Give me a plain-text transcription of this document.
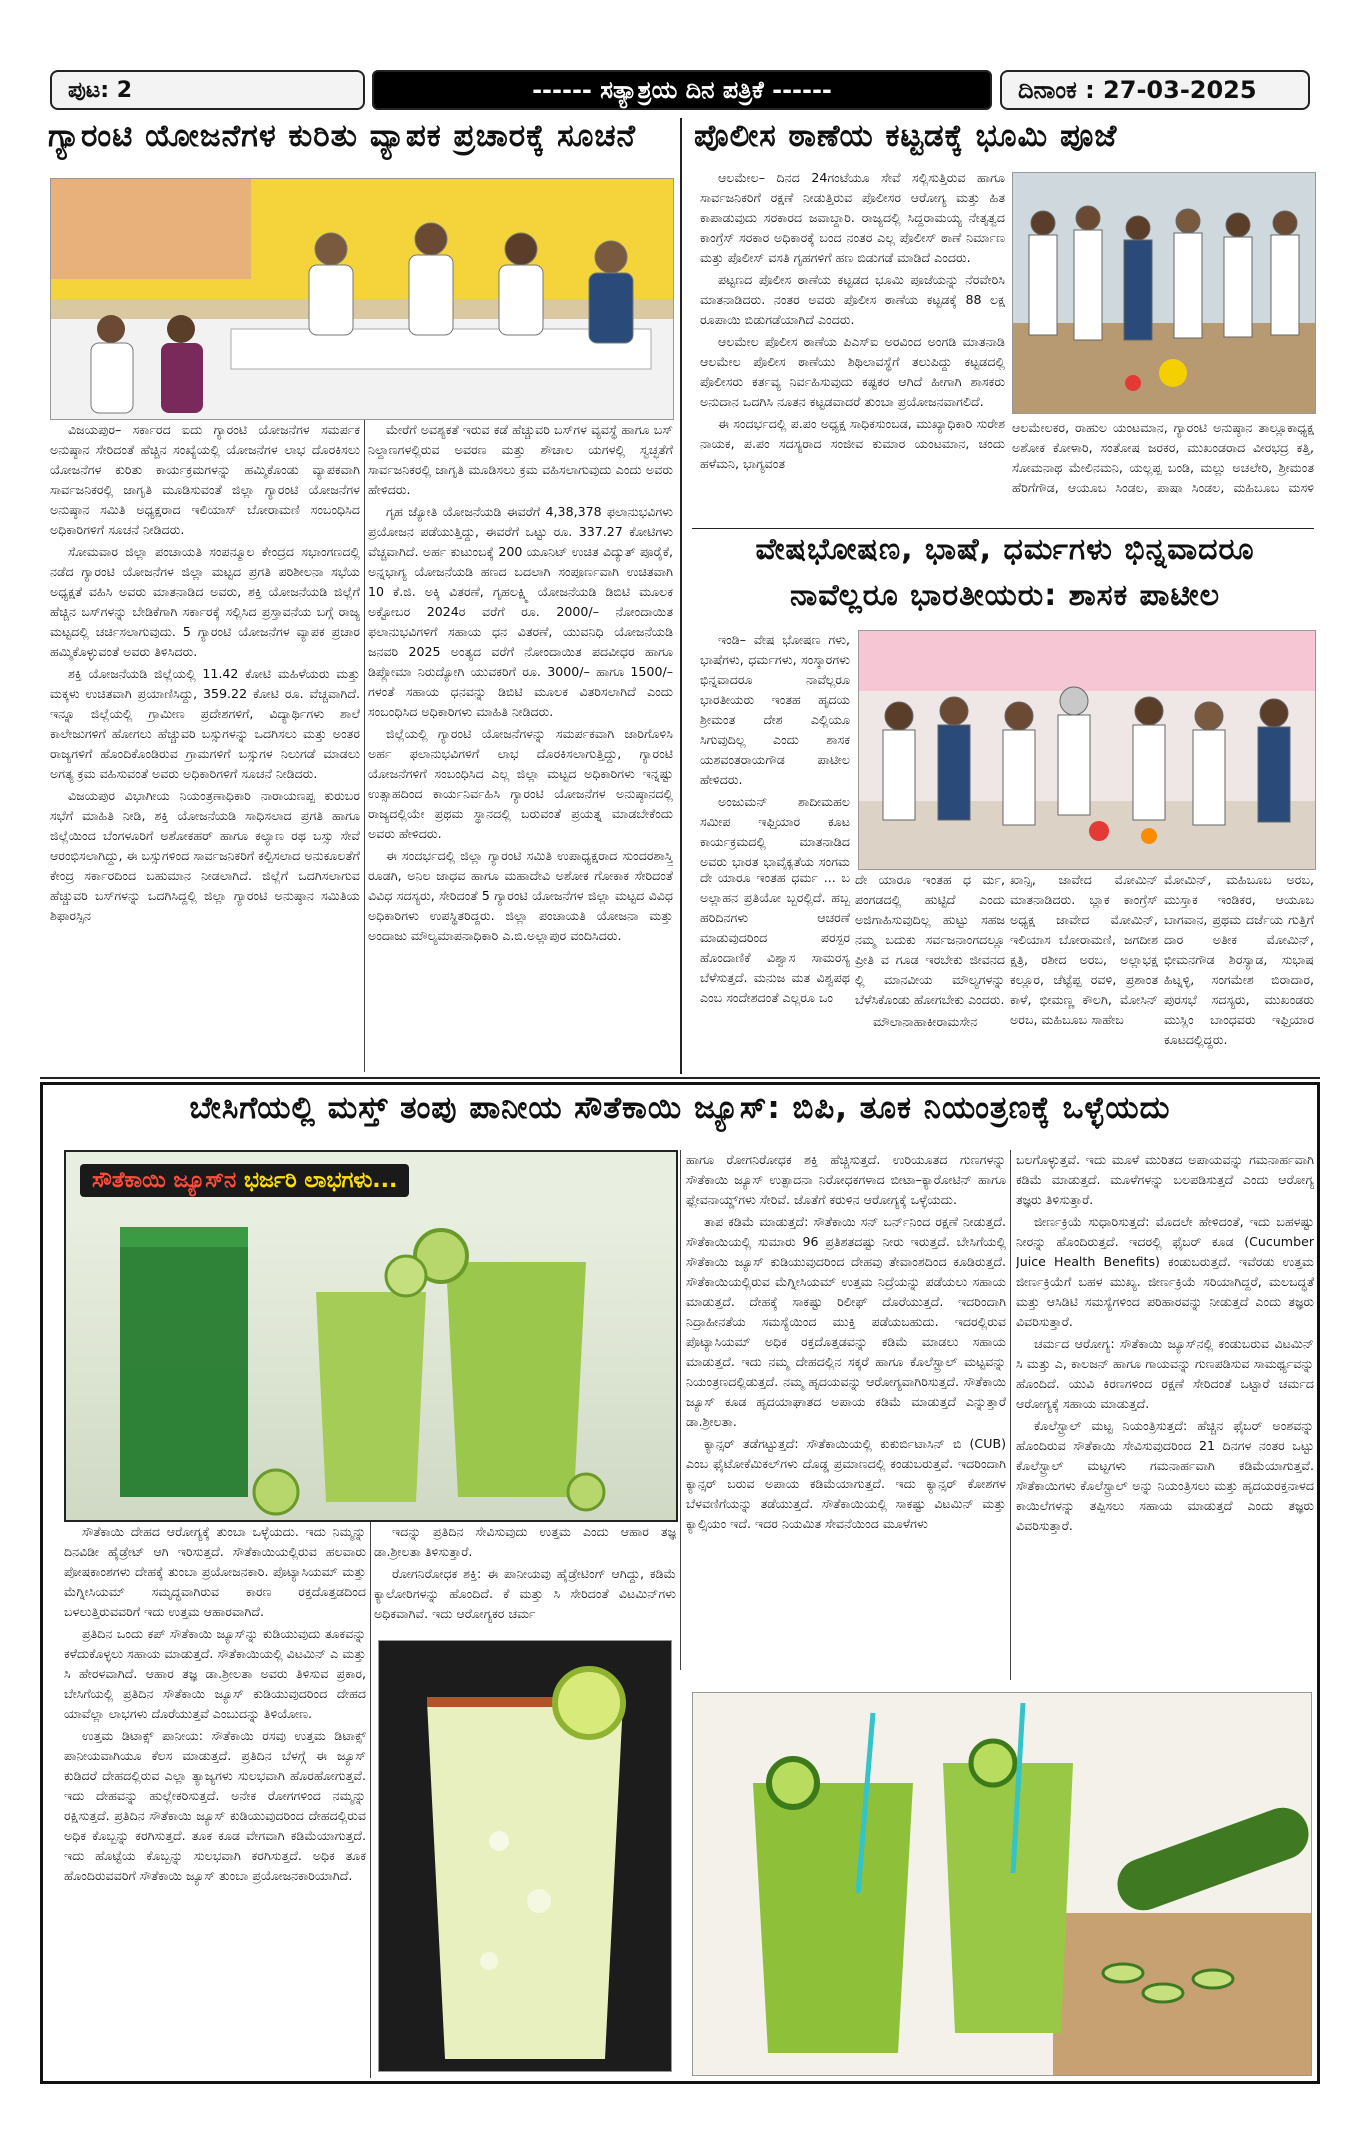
ಪುಟ: 2	------ ಸತ್ಯಾಶ್ರಯ ದಿನ ಪತ್ರಿಕೆ ------	ದಿನಾಂಕ : 27-03-2025
ಗ್ಯಾರಂಟಿ ಯೋಜನೆಗಳ ಕುರಿತು ವ್ಯಾಪಕ ಪ್ರಚಾರಕ್ಕೆ ಸೂಚನೆ

ವಿಜಯಪುರ– ಸರ್ಕಾರದ ಐದು ಗ್ಯಾರಂಟಿ ಯೋಜನೆಗಳ ಸಮರ್ಪಕ ಅನುಷ್ಠಾನ ಸೇರಿದಂತೆ ಹೆಚ್ಚಿನ ಸಂಖ್ಯೆಯಲ್ಲಿ ಯೋಜನೆಗಳ ಲಾಭ ದೊರಕಿಸಲು ಯೋಜನೆಗಳ ಕುರಿತು ಕಾರ್ಯಕ್ರಮಗಳನ್ನು ಹಮ್ಮಿಕೊಂಡು ವ್ಯಾಪಕವಾಗಿ ಸಾರ್ವಜನಿಕರಲ್ಲಿ ಜಾಗೃತಿ ಮೂಡಿಸುವಂತೆ ಜಿಲ್ಲಾ ಗ್ಯಾರಂಟಿ ಯೋಜನೆಗಳ ಅನುಷ್ಠಾನ ಸಮಿತಿ ಅಧ್ಯಕ್ಷರಾದ ಇಲಿಯಾಸ್ ಬೋರಾಮಣಿ ಸಂಬಂಧಿಸಿದ ಅಧಿಕಾರಿಗಳಿಗೆ ಸೂಚನೆ ನೀಡಿದರು.

ಸೋಮವಾರ ಜಿಲ್ಲಾ ಪಂಚಾಯತಿ ಸಂಪನ್ಮೂಲ ಕೇಂದ್ರದ ಸಭಾಂಗಣದಲ್ಲಿ ನಡೆದ ಗ್ಯಾರಂಟಿ ಯೋಜನೆಗಳ ಜಿಲ್ಲಾ ಮಟ್ಟದ ಪ್ರಗತಿ ಪರಿಶೀಲನಾ ಸಭೆಯ ಅಧ್ಯಕ್ಷತೆ ವಹಿಸಿ ಅವರು ಮಾತನಾಡಿದ ಅವರು, ಶಕ್ತಿ ಯೋಜನೆಯಡಿ ಜಿಲ್ಲೆಗೆ ಹೆಚ್ಚಿನ ಬಸ್‌ಗಳನ್ನು ಬೇಡಿಕೆಗಾಗಿ ಸರ್ಕಾರಕ್ಕೆ ಸಲ್ಲಿಸಿದ ಪ್ರಸ್ತಾವನೆಯ ಬಗ್ಗೆ ರಾಜ್ಯ ಮಟ್ಟದಲ್ಲಿ ಚರ್ಚಿಸಲಾಗುವುದು. 5 ಗ್ಯಾರಂಟಿ ಯೋಜನೆಗಳ ವ್ಯಾಪಕ ಪ್ರಚಾರ ಹಮ್ಮಿಕೊಳ್ಳುವಂತೆ ಅವರು ತಿಳಿಸಿದರು.

ಶಕ್ತಿ ಯೋಜನೆಯಡಿ ಜಿಲ್ಲೆಯಲ್ಲಿ 11.42 ಕೋಟಿ ಮಹಿಳೆಯರು ಮತ್ತು ಮಕ್ಕಳು ಉಚಿತವಾಗಿ ಪ್ರಯಾಣಿಸಿದ್ದು, 359.22 ಕೋಟಿ ರೂ. ವೆಚ್ಚವಾಗಿದೆ. ಇನ್ನೂ ಜಿಲ್ಲೆಯಲ್ಲಿ ಗ್ರಾಮೀಣ ಪ್ರದೇಶಗಳಿಗೆ, ವಿದ್ಯಾರ್ಥಿಗಳು ಶಾಲೆ ಕಾಲೇಜುಗಳಿಗೆ ಹೋಗಲು ಹೆಚ್ಚುವರಿ ಬಸ್ಸುಗಳನ್ನು ಒದಗಿಸಲು ಮತ್ತು ಅಂತರ ರಾಜ್ಯಗಳಿಗೆ ಹೊಂದಿಕೊಂಡಿರುವ ಗ್ರಾಮಗಳಿಗೆ ಬಸ್ಸುಗಳ ನಿಲುಗಡೆ ಮಾಡಲು ಅಗತ್ಯ ಕ್ರಮ ವಹಿಸುವಂತೆ ಅವರು ಅಧಿಕಾರಿಗಳಿಗೆ ಸೂಚನೆ ನೀಡಿದರು.

ವಿಜಯಪುರ ವಿಭಾಗೀಯ ನಿಯಂತ್ರಣಾಧಿಕಾರಿ ನಾರಾಯಣಪ್ಪ ಕುರುಬರ ಸಭೆಗೆ ಮಾಹಿತಿ ನೀಡಿ, ಶಕ್ತಿ ಯೋಜನೆಯಡಿ ಸಾಧಿಸಲಾದ ಪ್ರಗತಿ ಹಾಗೂ ಜಿಲ್ಲೆಯಿಂದ ಬೆಂಗಳೂರಿಗೆ ಅಶೋಕಹರ್ ಹಾಗೂ ಕಲ್ಯಾಣ ರಥ ಬಸ್ಸು ಸೇವೆ ಆರಂಭಿಸಲಾಗಿದ್ದು, ಈ ಬಸ್ಸುಗಳಿಂದ ಸಾರ್ವಜನಿಕರಿಗೆ ಕಲ್ಪಿಸಲಾದ ಅನುಕೂಲತೆಗೆ ಕೇಂದ್ರ ಸರ್ಕಾರದಿಂದ ಬಹುಮಾನ ನೀಡಲಾಗಿದೆ. ಜಿಲ್ಲೆಗೆ ಒದಗಿಸಲಾಗುವ ಹೆಚ್ಚುವರಿ ಬಸ್‌ಗಳನ್ನು ಒದಗಿಸಿದ್ದಲ್ಲಿ ಜಿಲ್ಲಾ ಗ್ಯಾರಂಟಿ ಅನುಷ್ಠಾನ ಸಮಿತಿಯ ಶಿಫಾರಸ್ಸಿನ

ಮೇರೆಗೆ ಅವಶ್ಯಕತೆ ಇರುವ ಕಡೆ ಹೆಚ್ಚುವರಿ ಬಸ್‌ಗಳ ವ್ಯವಸ್ಥೆ ಹಾಗೂ ಬಸ್ ನಿಲ್ದಾಣಗಳಲ್ಲಿರುವ ಅವರಣ ಮತ್ತು ಶೌಚಾಲ ಯಗಳಲ್ಲಿ ಸ್ವಚ್ಛತೆಗೆ ಸಾರ್ವಜನಿಕರಲ್ಲಿ ಜಾಗೃತಿ ಮೂಡಿಸಲು ಕ್ರಮ ವಹಿಸಲಾಗುವುದು ಎಂದು ಅವರು ಹೇಳಿದರು.

ಗೃಹ ಜ್ಯೋತಿ ಯೋಜನೆಯಡಿ ಈವರೆಗೆ 4,38,378 ಫಲಾನುಭವಿಗಳು ಪ್ರಯೋಜನ ಪಡೆಯುತ್ತಿದ್ದು, ಈವರೆಗೆ ಒಟ್ಟು ರೂ. 337.27 ಕೋಟಿಗಳು ವೆಚ್ಚವಾಗಿದೆ. ಅರ್ಹ ಕುಟುಂಬಕ್ಕೆ 200 ಯೂನಿಟ್ ಉಚಿತ ವಿದ್ಯುತ್ ಪೂರೈಕೆ, ಅನ್ನಭಾಗ್ಯ ಯೋಜನೆಯಡಿ ಹಣದ ಬದಲಾಗಿ ಸಂಪೂರ್ಣವಾಗಿ ಉಚಿತವಾಗಿ 10 ಕೆ.ಜಿ. ಅಕ್ಕಿ ವಿತರಣೆ, ಗೃಹಲಕ್ಷ್ಮಿ ಯೋಜನೆಯಡಿ ಡಿಬಿಟಿ ಮೂಲಕ ಅಕ್ಟೋಬರ 2024ರ ವರೆಗೆ ರೂ. 2000/– ನೋಂದಾಯಿತ ಫಲಾನುಭವಿಗಳಿಗೆ ಸಹಾಯ ಧನ ವಿತರಣೆ, ಯುವನಿಧಿ ಯೋಜನೆಯಡಿ ಜನವರಿ 2025 ಅಂತ್ಯದ ವರೆಗೆ ನೋಂದಾಯಿತ ಪದವೀಧರ ಹಾಗೂ ಡಿಪ್ಲೋಮಾ ನಿರುದ್ಯೋಗಿ ಯುವಕರಿಗೆ ರೂ. 3000/– ಹಾಗೂ 1500/– ಗಳಂತೆ ಸಹಾಯ ಧನವನ್ನು ಡಿಬಿಟಿ ಮೂಲಕ ವಿತರಿಸಲಾಗಿದೆ ಎಂದು ಸಂಬಂಧಿಸಿದ ಅಧಿಕಾರಿಗಳು ಮಾಹಿತಿ ನೀಡಿದರು.

ಜಿಲ್ಲೆಯಲ್ಲಿ ಗ್ಯಾರಂಟಿ ಯೋಜನೆಗಳನ್ನು ಸಮರ್ಪಕವಾಗಿ ಜಾರಿಗೊಳಿಸಿ ಅರ್ಹ ಫಲಾನುಭವಿಗಳಿಗೆ ಲಾಭ ದೊರಕಿಸಲಾಗುತ್ತಿದ್ದು, ಗ್ಯಾರಂಟಿ ಯೋಜನೆಗಳಿಗೆ ಸಂಬಂಧಿಸಿದ ಎಲ್ಲ ಜಿಲ್ಲಾ ಮಟ್ಟದ ಅಧಿಕಾರಿಗಳು ಇನ್ನಷ್ಟು ಉತ್ಸಾಹದಿಂದ ಕಾರ್ಯನಿರ್ವಹಿಸಿ ಗ್ಯಾರಂಟಿ ಯೋಜನೆಗಳ ಅನುಷ್ಠಾನದಲ್ಲಿ ರಾಜ್ಯದಲ್ಲಿಯೇ ಪ್ರಥಮ ಸ್ಥಾನದಲ್ಲಿ ಬರುವಂತೆ ಪ್ರಯತ್ನ ಮಾಡಬೇಕೆಂದು ಅವರು ಹೇಳಿದರು.

ಈ ಸಂದರ್ಭದಲ್ಲಿ ಜಿಲ್ಲಾ ಗ್ಯಾರಂಟಿ ಸಮಿತಿ ಉಪಾಧ್ಯಕ್ಷರಾದ ಸುಂದರಶಾಸ್ತ್ರಿ ರೂಡಗಿ, ಅನಿಲ ಜಾಧವ ಹಾಗೂ ಮಹಾದೇವಿ ಅಶೋಕ ಗೋಕಾಕ ಸೇರಿದಂತೆ ವಿವಿಧ ಸದಸ್ಯರು, ಸೇರಿದಂತೆ 5 ಗ್ಯಾರಂಟಿ ಯೋಜನೆಗಳ ಜಿಲ್ಲಾ ಮಟ್ಟದ ವಿವಿಧ ಅಧಿಕಾರಿಗಳು ಉಪಸ್ಥಿತರಿದ್ದರು. ಜಿಲ್ಲಾ ಪಂಚಾಯತಿ ಯೋಜನಾ ಮತ್ತು ಅಂದಾಜು ಮೌಲ್ಯಮಾಪನಾಧಿಕಾರಿ ಎ.ಬಿ.ಅಲ್ಲಾಪುರ ವಂದಿಸಿದರು.

ಪೊಲೀಸ ಠಾಣೆಯ ಕಟ್ಟಡಕ್ಕೆ ಭೂಮಿ ಪೂಜೆ

ಆಲಮೇಲ– ದಿನದ 24ಗಂಟೆಯೂ ಸೇವೆ ಸಲ್ಲಿಸುತ್ತಿರುವ ಹಾಗೂ ಸಾರ್ವಜನಿಕರಿಗೆ ರಕ್ಷಣೆ ನೀಡುತ್ತಿರುವ ಪೊಲೀಸರ ಆರೋಗ್ಯ ಮತ್ತು ಹಿತ ಕಾಪಾಡುವುದು ಸರಕಾರದ ಜವಾಬ್ದಾರಿ. ರಾಜ್ಯದಲ್ಲಿ ಸಿದ್ದರಾಮಯ್ಯ ನೇತೃತ್ವದ ಕಾಂಗ್ರೆಸ್ ಸರಕಾರ ಅಧಿಕಾರಕ್ಕೆ ಬಂದ ನಂತರ ಎಲ್ಲ ಪೊಲೀಸ್ ಠಾಣೆ ನಿರ್ಮಾಣ ಮತ್ತು ಪೊಲೀಸ್ ವಸತಿ ಗೃಹಗಳಿಗೆ ಹಣ ಬಿಡುಗಡೆ ಮಾಡಿದೆ ಎಂದರು.

ಪಟ್ಟಣದ ಪೊಲೀಸ ಠಾಣೆಯ ಕಟ್ಟಡದ ಭೂಮಿ ಪೂಜೆಯನ್ನು ನೆರವೇರಿಸಿ ಮಾತನಾಡಿದರು. ನಂತರ ಅವರು ಪೊಲೀಸ ಠಾಣೆಯ ಕಟ್ಟಡಕ್ಕೆ 88 ಲಕ್ಷ ರೂಪಾಯಿ ಬಿಡುಗಡೆಯಾಗಿದೆ ಎಂದರು.

ಆಲಮೇಲ ಪೊಲೀಸ ಠಾಣೆಯ ಪಿಎಸ್‌ಐ ಅರವಿಂದ ಅಂಗಡಿ ಮಾತನಾಡಿ ಆಲಮೇಲ ಪೊಲೀಸ ಠಾಣೆಯು ಶಿಥಿಲಾವಸ್ಥೆಗೆ ತಲುಪಿದ್ದು ಕಟ್ಟಡದಲ್ಲಿ ಪೊಲೀಸರು ಕರ್ತವ್ಯ ನಿರ್ವಹಿಸುವುದು ಕಷ್ಟಕರ ಆಗಿದೆ ಹೀಗಾಗಿ ಶಾಸಕರು ಅನುದಾನ ಒದಗಿಸಿ ನೂತನ ಕಟ್ಟಡವಾದರೆ ತುಂಬಾ ಪ್ರಯೋಜನವಾಗಲಿದೆ.

ಈ ಸಂದರ್ಭದಲ್ಲಿ ಪ.ಪಂ ಅಧ್ಯಕ್ಷ ಸಾಧಿಕಸುಂಬಡ, ಮುಖ್ಯಾಧಿಕಾರಿ ಸುರೇಶ ನಾಯಕ, ಪ.ಪಂ ಸದಸ್ಯರಾದ ಸಂಜೀವ ಕುಮಾರ ಯಂಟಮಾನ, ಚಂದು ಹಳೆಮನಿ, ಭಾಗ್ಯವಂತ

ಆಲಮೇಲಕರ, ರಾಹುಲ ಯಂಟಮಾನ, ಗ್ಯಾರಂಟಿ ಅನುಷ್ಠಾನ ತಾಲ್ಲೂಕಾಧ್ಯಕ್ಷ ಅಶೋಕ ಕೋಳಾರಿ, ಸಂತೋಷ ಜರಕರ, ಮುಖಂಡರಾದ ವೀರಭದ್ರ ಕತ್ತಿ, ಸೋಮನಾಥ ಮೇಲಿನಮನಿ, ಯಲ್ಲಪ್ಪ ಬಂಡಿ, ಮಲ್ಲು ಅಚಲೇರಿ, ಶ್ರೀಮಂತ ಹೆರಿಗೆಗೌಡ, ಆಯೂಬ ಸಿಂಡಲ, ಪಾಷಾ ಸಿಂಡಲ, ಮಹಿಬೂಬ ಮಸಳಿ

ವೇಷಭೋಷಣ, ಭಾಷೆ, ಧರ್ಮಗಳು ಭಿನ್ನವಾದರೂ
ನಾವೆಲ್ಲರೂ ಭಾರತೀಯರು: ಶಾಸಕ ಪಾಟೀಲ

ಇಂಡಿ– ವೇಷ ಭೋಷಣ ಗಳು, ಭಾಷೆಗಳು, ಧರ್ಮಗಳು, ಸಂಸ್ಕಾರಗಳು ಭಿನ್ನವಾದರೂ ನಾವೆಲ್ಲರೂ ಭಾರತೀಯರು ಇಂತಹ ಹೃದಯ ಶ್ರೀಮಂತ ದೇಶ ಎಲ್ಲಿಯೂ ಸಿಗುವುದಿಲ್ಲ ಎಂದು ಶಾಸಕ ಯಶವಂತರಾಯಗೌಡ ಪಾಟೀಲ ಹೇಳಿದರು.

ಅಂಜುಮನ್ ಶಾದೀಮಹಲ ಸಮೀಪ ಇಫ್ತಿಯಾರ ಕೂಟ ಕಾರ್ಯಕ್ರಮದಲ್ಲಿ ಮಾತನಾಡಿದ ಅವರು ಭಾರತ ಭಾವೈಕ್ಯತೆಯ ಸಂಗಮ

ದೇ ಯಾರೂ ಇಂತಹ ಧರ್ಮ ... ಬ ಅಲ್ಲಾಹನ ಪ್ರತಿಯೋ ಬ್ಬರಲ್ಲಿದೆ. ಹಬ್ಬ ಹರಿದಿನಗಳು ಆಚರಣೆ ಮಾಡುವುದರಿಂದ ಪರಸ್ಪರ ಹೊಂದಾಣಿಕೆ ವಿಶ್ವಾಸ ಸಾಮರಸ್ಯ ಬೆಳೆಸುತ್ತದೆ. ಮನುಜ ಮತ ವಿಶ್ವಪಥ ಎಂಬ ಸಂದೇಶದಂತೆ ಎಲ್ಲರೂ ಒಂ

ದೇ ಯಾರೂ ಇಂತಹ ಧ ರ್ಮ, ಪಂಗಡದಲ್ಲಿ ಹುಟ್ಟಿದೆ ಎಂದು ಅಜಿಗಾಹಿಸುವುದಿಲ್ಲ ಹುಟ್ಟು ಸಹಜ ನಮ್ಮ ಬದುಕು ಸರ್ವಜನಾಂಗದಲ್ಲೂ ಪ್ರೀತಿ ವ ಗೂಡ ಇರಬೇಕು ಜೀವನದ ಲ್ಲಿ ಮಾನವೀಯ ಮೌಲ್ಯಗಳನ್ನು ಬೆಳೆಸಿಕೊಂಡು ಹೋಗಬೇಕು ಎಂದರು.

ಮೌಲಾನಾಹಾಕೀರಾಮಸೇನ

ಖಾನ್ಸಿ, ಜಾವೇದ ಮೋಮಿನ್ ಮಾತನಾಡಿದರು. ಬ್ಲಾಕ ಕಾಂಗ್ರೆಸ್ ಅಧ್ಯಕ್ಷ ಜಾವೇದ ಮೋಮಿನ್, ಇಲಿಯಾಸ ಬೋರಾಮಣಿ, ಜಗದೀಶ ಕ್ಷತ್ರಿ, ರಶೀದ ಅರಬ, ಅಲ್ಲಾಭಕ್ಷ ಕಲ್ಲೂರ, ಚೆಟ್ಟೆಪ್ಪ ರವಳಿ, ಪ್ರಶಾಂತ ಕಾಳೆ, ಭೀಮಣ್ಣ ಕೌಲಗಿ, ಮೋಸಿನ್ ಅರಬ, ಮಹಿಬೂಬ ಸಾಹೇಬ

ಮೋಮಿನ್, ಮಹಿಬೂಬ ಅರಬ, ಮುಸ್ತಾಕ ಇಂಡಿಕರ, ಆಯೂಬ ಬಾಗವಾನ, ಪ್ರಥಮ ದರ್ಜೆಯ ಗುತ್ತಿಗೆ ದಾರ ಅತೀಕ ಮೋಮಿನ್, ಭೀಮನಗೌಡ ಶಿರಸ್ಯಾಡ, ಸುಭಾಷ ಹಿಟ್ನಳ್ಳಿ, ಸಂಗಮೇಶ ಬಿರಾದಾರ, ಪುರಸಭೆ ಸದಸ್ಯರು, ಮುಖಂಡರು ಮುಸ್ಲಿಂ ಬಾಂಧವರು ಇಫ್ತಿಯಾರ ಕೂಟದಲ್ಲಿದ್ದರು.

ಬೇಸಿಗೆಯಲ್ಲಿ ಮಸ್ತ್ ತಂಪು ಪಾನೀಯ ಸೌತೆಕಾಯಿ ಜ್ಯೂಸ್: ಬಿಪಿ, ತೂಕ ನಿಯಂತ್ರಣಕ್ಕೆ ಒಳ್ಳೆಯದು
ಸೌತೆಕಾಯಿ ಜ್ಯೂಸ್‌ನ ಭರ್ಜರಿ ಲಾಭಗಳು...

ಸೌತೆಕಾಯಿ ದೇಹದ ಆರೋಗ್ಯಕ್ಕೆ ತುಂಬಾ ಒಳ್ಳೆಯದು. ಇದು ನಿಮ್ಮನ್ನು ದಿನವಿಡೀ ಹೈಡ್ರೇಟ್ ಆಗಿ ಇರಿಸುತ್ತದೆ. ಸೌತೆಕಾಯಿಯಲ್ಲಿರುವ ಹಲವಾರು ಪೋಷಕಾಂಶಗಳು ದೇಹಕ್ಕೆ ತುಂಬಾ ಪ್ರಯೋಜನಕಾರಿ. ಪೊಟ್ಯಾಸಿಯಮ್ ಮತ್ತು ಮೆಗ್ನೀಸಿಯಮ್ ಸಮೃದ್ಧವಾಗಿರುವ ಕಾರಣ ರಕ್ತದೊತ್ತಡದಿಂದ ಬಳಲುತ್ತಿರುವವರಿಗೆ ಇದು ಉತ್ತಮ ಆಹಾರವಾಗಿದೆ.

ಪ್ರತಿದಿನ ಒಂದು ಕಪ್ ಸೌತೆಕಾಯಿ ಜ್ಯೂಸ್‌ನ್ನು ಕುಡಿಯುವುದು ತೂಕವನ್ನು ಕಳೆದುಕೊಳ್ಳಲು ಸಹಾಯ ಮಾಡುತ್ತದೆ. ಸೌತೆಕಾಯಿಯಲ್ಲಿ ವಿಟಮಿನ್ ಎ ಮತ್ತು ಸಿ ಹೇರಳವಾಗಿದೆ. ಆಹಾರ ತಜ್ಞ ಡಾ.ಶ್ರೀಲತಾ ಅವರು ತಿಳಿಸುವ ಪ್ರಕಾರ, ಬೇಸಿಗೆಯಲ್ಲಿ ಪ್ರತಿದಿನ ಸೌತೆಕಾಯಿ ಜ್ಯೂಸ್ ಕುಡಿಯುವುದರಿಂದ ದೇಹದ ಯಾವೆಲ್ಲಾ ಲಾಭಗಳು ದೊರೆಯುತ್ತವೆ ಎಂಬುದನ್ನು ತಿಳಿಯೋಣ.

ಉತ್ತಮ ಡಿಟಾಕ್ಸ್ ಪಾನೀಯ: ಸೌತೆಕಾಯಿ ರಸವು ಉತ್ತಮ ಡಿಟಾಕ್ಸ್ ಪಾನೀಯವಾಗಿಯೂ ಕೆಲಸ ಮಾಡುತ್ತದೆ. ಪ್ರತಿದಿನ ಬೆಳಗ್ಗೆ ಈ ಜ್ಯೂಸ್ ಕುಡಿದರೆ ದೇಹದಲ್ಲಿರುವ ಎಲ್ಲಾ ತ್ಯಾಜ್ಯಗಳು ಸುಲಭವಾಗಿ ಹೊರಹೋಗುತ್ತವೆ. ಇದು ದೇಹವನ್ನು ಹುಲ್ಲೇಕರಿಸುತ್ತದೆ. ಅನೇಕ ರೋಗಗಳಿಂದ ನಮ್ಮನ್ನು ರಕ್ಷಿಸುತ್ತದೆ. ಪ್ರತಿದಿನ ಸೌತೆಕಾಯಿ ಜ್ಯೂಸ್ ಕುಡಿಯುವುದರಿಂದ ದೇಹದಲ್ಲಿರುವ ಅಧಿಕ ಕೊಬ್ಬನ್ನು ಕರಗಿಸುತ್ತದೆ. ತೂಕ ಕೂಡ ವೇಗವಾಗಿ ಕಡಿಮೆಯಾಗುತ್ತದೆ. ಇದು ಹೊಟ್ಟೆಯ ಕೊಬ್ಬನ್ನು ಸುಲಭವಾಗಿ ಕರಗಿಸುತ್ತದೆ. ಅಧಿಕ ತೂಕ ಹೊಂದಿರುವವರಿಗೆ ಸೌತೆಕಾಯಿ ಜ್ಯೂಸ್ ತುಂಬಾ ಪ್ರಯೋಜನಕಾರಿಯಾಗಿದೆ.

ಇದನ್ನು ಪ್ರತಿದಿನ ಸೇವಿಸುವುದು ಉತ್ತಮ ಎಂದು ಆಹಾರ ತಜ್ಞ ಡಾ.ಶ್ರೀಲತಾ ತಿಳಿಸುತ್ತಾರೆ.

ರೋಗನಿರೋಧಕ ಶಕ್ತಿ: ಈ ಪಾನೀಯವು ಹೈಡ್ರೇಟಿಂಗ್ ಆಗಿದ್ದು, ಕಡಿಮೆ ಕ್ಯಾಲೋರಿಗಳನ್ನು ಹೊಂದಿದೆ. ಕೆ ಮತ್ತು ಸಿ ಸೇರಿದಂತೆ ವಿಟಮಿನ್‌ಗಳು ಅಧಿಕವಾಗಿವೆ. ಇದು ಆರೋಗ್ಯಕರ ಚರ್ಮ

ಹಾಗೂ ರೋಗನಿರೋಧಕ ಶಕ್ತಿ ಹೆಚ್ಚಿಸುತ್ತದೆ. ಉರಿಯೂತದ ಗುಣಗಳನ್ನು ಸೌತೆಕಾಯಿ ಜ್ಯೂಸ್ ಉತ್ಪಾದನಾ ನಿರೋಧಕಗಳಾದ ಬೀಟಾ–ಕ್ಯಾರೋಟಿನ್ ಹಾಗೂ ಫ್ಲೇವನಾಯ್ಡ್‌ಗಳು ಸೇರಿವೆ. ಜೊತೆಗೆ ಕರುಳಿನ ಆರೋಗ್ಯಕ್ಕೆ ಒಳ್ಳೆಯದು.

ತಾಪ ಕಡಿಮೆ ಮಾಡುತ್ತದೆ: ಸೌತೆಕಾಯಿ ಸನ್ ಬರ್ನ್‌ನಿಂದ ರಕ್ಷಣೆ ನೀಡುತ್ತದೆ. ಸೌತೆಕಾಯಿಯಲ್ಲಿ ಸುಮಾರು 96 ಪ್ರತಿಶತದಷ್ಟು ನೀರು ಇರುತ್ತದೆ. ಬೇಸಿಗೆಯಲ್ಲಿ ಸೌತೆಕಾಯಿ ಜ್ಯೂಸ್ ಕುಡಿಯುವುದರಿಂದ ದೇಹವು ತೇವಾಂಶದಿಂದ ಕೂಡಿರುತ್ತದೆ. ಸೌತೆಕಾಯಿಯಲ್ಲಿರುವ ಮೆಗ್ನೀಸಿಯಮ್ ಉತ್ತಮ ನಿದ್ರೆಯನ್ನು ಪಡೆಯಲು ಸಹಾಯ ಮಾಡುತ್ತದೆ. ದೇಹಕ್ಕೆ ಸಾಕಷ್ಟು ರಿಲೀಫ್ ದೊರೆಯುತ್ತದೆ. ಇದರಿಂದಾಗಿ ನಿದ್ರಾಹೀನತೆಯ ಸಮಸ್ಯೆಯಿಂದ ಮುಕ್ತಿ ಪಡೆಯಬಹುದು. ಇದರಲ್ಲಿರುವ ಪೊಟ್ಯಾಸಿಯಮ್ ಅಧಿಕ ರಕ್ತದೊತ್ತಡವನ್ನು ಕಡಿಮೆ ಮಾಡಲು ಸಹಾಯ ಮಾಡುತ್ತದೆ. ಇದು ನಮ್ಮ ದೇಹದಲ್ಲಿನ ಸಕ್ಕರೆ ಹಾಗೂ ಕೊಲೆಸ್ಟ್ರಾಲ್ ಮಟ್ಟವನ್ನು ನಿಯಂತ್ರಣದಲ್ಲಿಡುತ್ತದೆ. ನಮ್ಮ ಹೃದಯವನ್ನು ಆರೋಗ್ಯವಾಗಿರಿಸುತ್ತದೆ. ಸೌತೆಕಾಯಿ ಜ್ಯೂಸ್ ಕೂಡ ಹೃದಯಾಘಾತದ ಅಪಾಯ ಕಡಿಮೆ ಮಾಡುತ್ತದೆ ಎನ್ನುತ್ತಾರೆ ಡಾ.ಶ್ರೀಲತಾ.

ಕ್ಯಾನ್ಸರ್ ತಡೆಗಟ್ಟುತ್ತದೆ: ಸೌತೆಕಾಯಿಯಲ್ಲಿ ಕುಕುರ್ಬಿಟಾಸಿನ್ ಬಿ (CUB) ಎಂಬ ಫೈಟೋಕೆಮಿಕಲ್‌ಗಳು ದೊಡ್ಡ ಪ್ರಮಾಣದಲ್ಲಿ ಕಂಡುಬರುತ್ತವೆ. ಇದರಿಂದಾಗಿ ಕ್ಯಾನ್ಸರ್ ಬರುವ ಅಪಾಯ ಕಡಿಮೆಯಾಗುತ್ತದೆ. ಇದು ಕ್ಯಾನ್ಸರ್ ಕೋಶಗಳ ಬೆಳವಣಿಗೆಯನ್ನು ತಡೆಯುತ್ತದೆ. ಸೌತೆಕಾಯಿಯಲ್ಲಿ ಸಾಕಷ್ಟು ವಿಟಮಿನ್ ಮತ್ತು ಕ್ಯಾಲ್ಸಿಯಂ ಇದೆ. ಇದರ ನಿಯಮಿತ ಸೇವನೆಯಿಂದ ಮೂಳೆಗಳು

ಬಲಗೊಳ್ಳುತ್ತವೆ. ಇದು ಮೂಳೆ ಮುರಿತದ ಅಪಾಯವನ್ನು ಗಮನಾರ್ಹವಾಗಿ ಕಡಿಮೆ ಮಾಡುತ್ತದೆ. ಮೂಳೆಗಳನ್ನು ಬಲಪಡಿಸುತ್ತದೆ ಎಂದು ಆರೋಗ್ಯ ತಜ್ಞರು ತಿಳಿಸುತ್ತಾರೆ.

ಜೀರ್ಣಕ್ರಿಯೆ ಸುಧಾರಿಸುತ್ತದೆ: ಮೊದಲೇ ಹೇಳಿದಂತೆ, ಇದು ಬಹಳಷ್ಟು ನೀರನ್ನು ಹೊಂದಿರುತ್ತದೆ. ಇದರಲ್ಲಿ ಫೈಬರ್ ಕೂಡ (Cucumber Juice Health Benefits) ಕಂಡುಬರುತ್ತದೆ. ಇವೆರಡು ಉತ್ತಮ ಜೀರ್ಣಕ್ರಿಯೆಗೆ ಬಹಳ ಮುಖ್ಯ. ಜೀರ್ಣಕ್ರಿಯೆ ಸರಿಯಾಗಿದ್ದರೆ, ಮಲಬದ್ಧತೆ ಮತ್ತು ಆಸಿಡಿಟಿ ಸಮಸ್ಯೆಗಳಿಂದ ಪರಿಹಾರವನ್ನು ನೀಡುತ್ತದೆ ಎಂದು ತಜ್ಞರು ವಿವರಿಸುತ್ತಾರೆ.

ಚರ್ಮದ ಆರೋಗ್ಯ: ಸೌತೆಕಾಯಿ ಜ್ಯೂಸ್‌ನಲ್ಲಿ ಕಂಡುಬರುವ ವಿಟಮಿನ್ ಸಿ ಮತ್ತು ಎ, ಕಾಲಜನ್ ಹಾಗೂ ಗಾಯವನ್ನು ಗುಣಪಡಿಸುವ ಸಾಮರ್ಥ್ಯವನ್ನು ಹೊಂದಿದೆ. ಯುವಿ ಕಿರಣಗಳಿಂದ ರಕ್ಷಣೆ ಸೇರಿದಂತೆ ಒಟ್ಟಾರೆ ಚರ್ಮದ ಆರೋಗ್ಯಕ್ಕೆ ಸಹಾಯ ಮಾಡುತ್ತದೆ.

ಕೊಲೆಸ್ಟ್ರಾಲ್ ಮಟ್ಟ ನಿಯಂತ್ರಿಸುತ್ತದೆ: ಹೆಚ್ಚಿನ ಫೈಬರ್ ಅಂಶವನ್ನು ಹೊಂದಿರುವ ಸೌತೆಕಾಯಿ ಸೇವಿಸುವುದರಿಂದ 21 ದಿನಗಳ ನಂತರ ಒಟ್ಟು ಕೊಲೆಸ್ಟ್ರಾಲ್ ಮಟ್ಟಗಳು ಗಮನಾರ್ಹವಾಗಿ ಕಡಿಮೆಯಾಗುತ್ತವೆ. ಸೌತೆಕಾಯಿಗಳು ಕೊಲೆಸ್ಟ್ರಾಲ್ ಅನ್ನು ನಿಯಂತ್ರಿಸಲು ಮತ್ತು ಹೃದಯರಕ್ತನಾಳದ ಕಾಯಿಲೆಗಳನ್ನು ತಪ್ಪಿಸಲು ಸಹಾಯ ಮಾಡುತ್ತದೆ ಎಂದು ತಜ್ಞರು ವಿವರಿಸುತ್ತಾರೆ.
